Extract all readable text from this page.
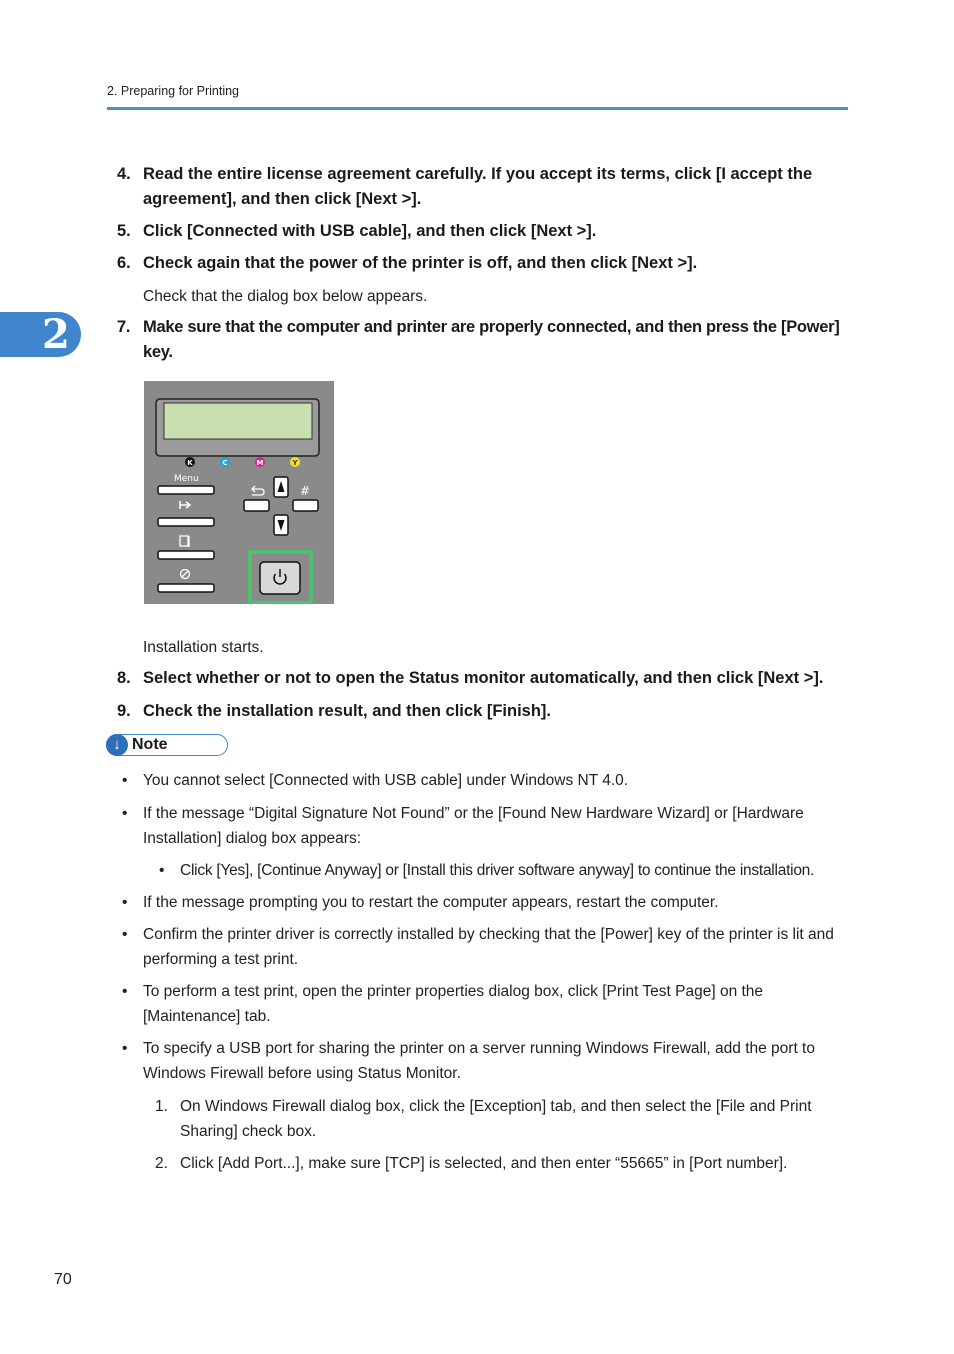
2. Preparing for Printing
2
4. Read the entire license agreement carefully. If you accept its terms, click [I accept the agreement], and then click [Next >].
5. Click [Connected with USB cable], and then click [Next >].
6. Check again that the power of the printer is off, and then click [Next >].
Check that the dialog box below appears.
7. Make sure that the computer and printer are properly connected, and then press the [Power] key.
K	C	M	Y
Menu
#
Installation starts.
8. Select whether or not to open the Status monitor automatically, and then click [Next >].
9. Check the installation result, and then click [Finish].
↓ Note
• You cannot select [Connected with USB cable] under Windows NT 4.0.
• If the message “Digital Signature Not Found” or the [Found New Hardware Wizard] or [Hardware Installation] dialog box appears:
• Click [Yes], [Continue Anyway] or [Install this driver software anyway] to continue the installation.
• If the message prompting you to restart the computer appears, restart the computer.
• Confirm the printer driver is correctly installed by checking that the [Power] key of the printer is lit and performing a test print.
• To perform a test print, open the printer properties dialog box, click [Print Test Page] on the [Maintenance] tab.
• To specify a USB port for sharing the printer on a server running Windows Firewall, add the port to Windows Firewall before using Status Monitor.
1. On Windows Firewall dialog box, click the [Exception] tab, and then select the [File and Print Sharing] check box.
2. Click [Add Port...], make sure [TCP] is selected, and then enter “55665” in [Port number].
70
